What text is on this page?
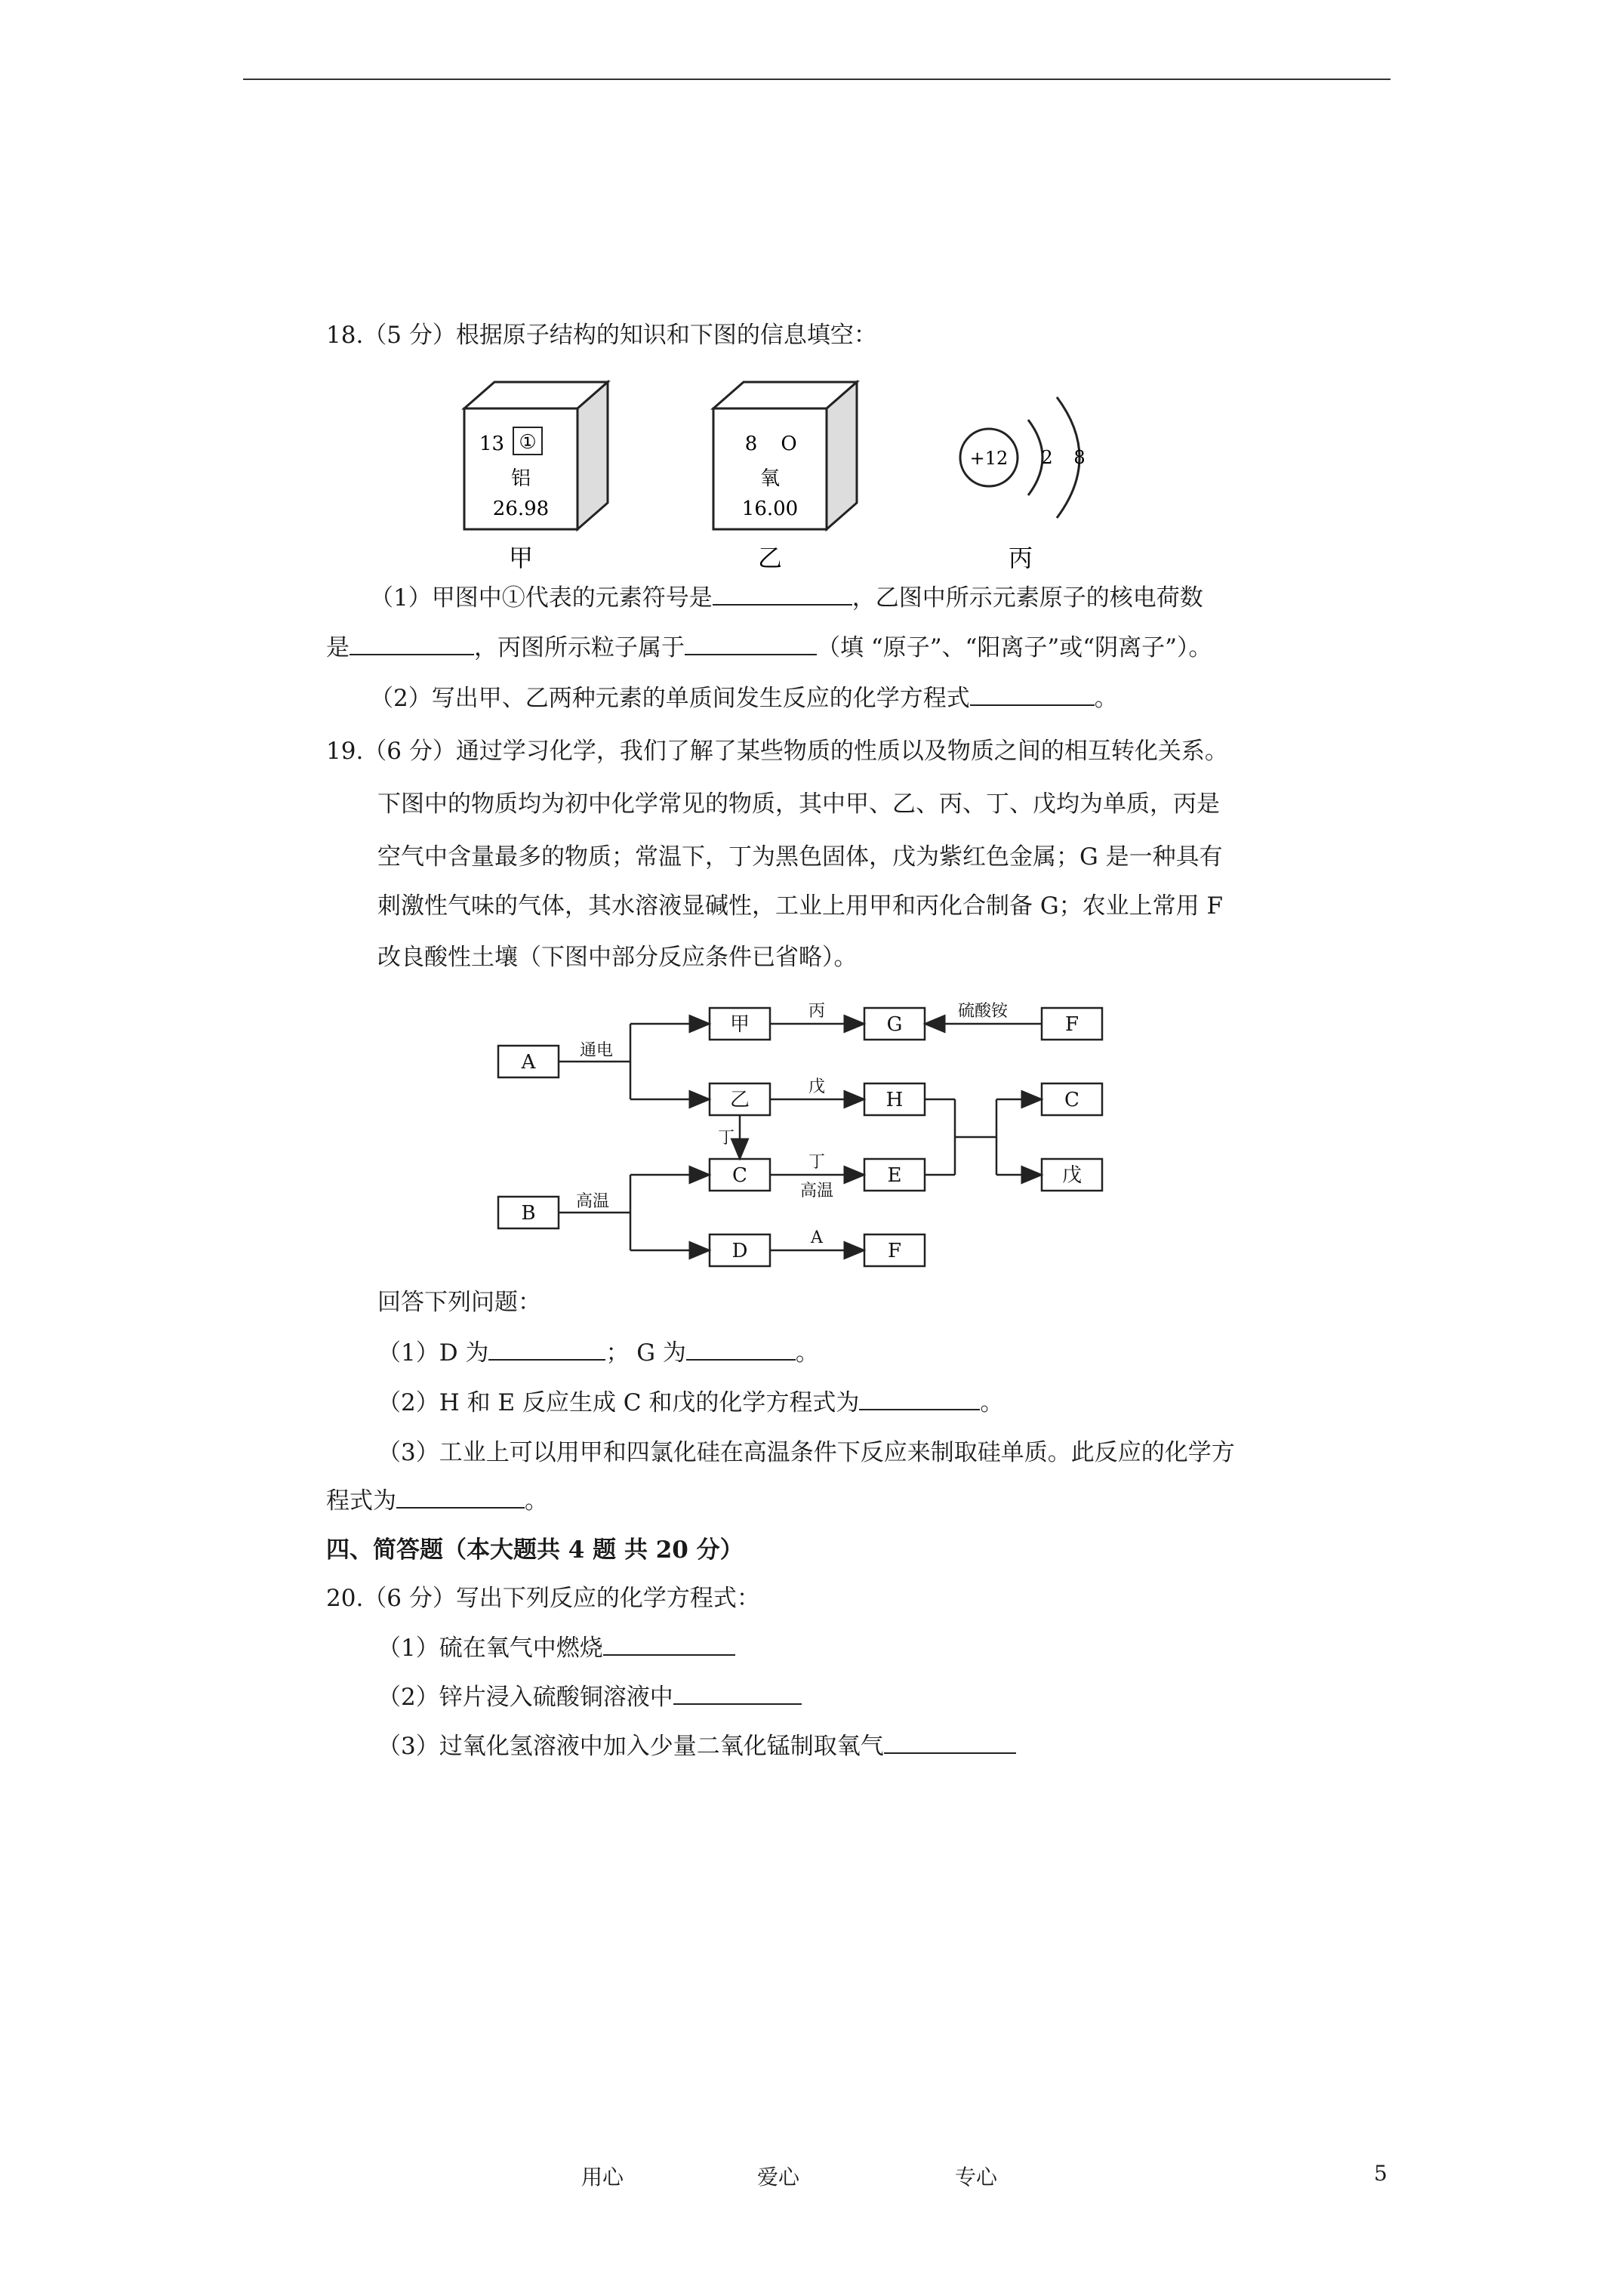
18.（5 分）根据原子结构的知识和下图的信息填空：
13 ①
铝
26.98
甲
8 O
氧
16.00
乙
+12 2 8
丙
（1）甲图中①代表的元素符号是	，乙图中所示元素原子的核电荷数
是	，丙图所示粒子属于	（填 “原子”、“阳离子”或“阴离子”）。
（2）写出甲、乙两种元素的单质间发生反应的化学方程式	。
19.（6 分）通过学习化学，我们了解了某些物质的性质以及物质之间的相互转化关系。
下图中的物质均为初中化学常见的物质，其中甲、乙、丙、丁、戊均为单质，丙是
空气中含量最多的物质；常温下，丁为黑色固体，戊为紫红色金属；G 是一种具有
刺激性气味的气体，其水溶液显碱性，工业上用甲和丙化合制备 G；农业上常用 F
改良酸性土壤（下图中部分反应条件已省略）。
A
B
甲
乙
C
D
G
H
E
F
F
C
戊
通电
丙	硫酸铵
戊
丁
丁
高温
高温
A
回答下列问题：
（1）D 为	； G 为	。
（2）H 和 E 反应生成 C 和戊的化学方程式为	。
（3）工业上可以用甲和四氯化硅在高温条件下反应来制取硅单质。此反应的化学方
程式为	。
四、简答题（本大题共 4 题 共 20 分）
20.（6 分）写出下列反应的化学方程式：
（1）硫在氧气中燃烧
（2）锌片浸入硫酸铜溶液中
（3）过氧化氢溶液中加入少量二氧化锰制取氧气
用心	爱心	专心	5
